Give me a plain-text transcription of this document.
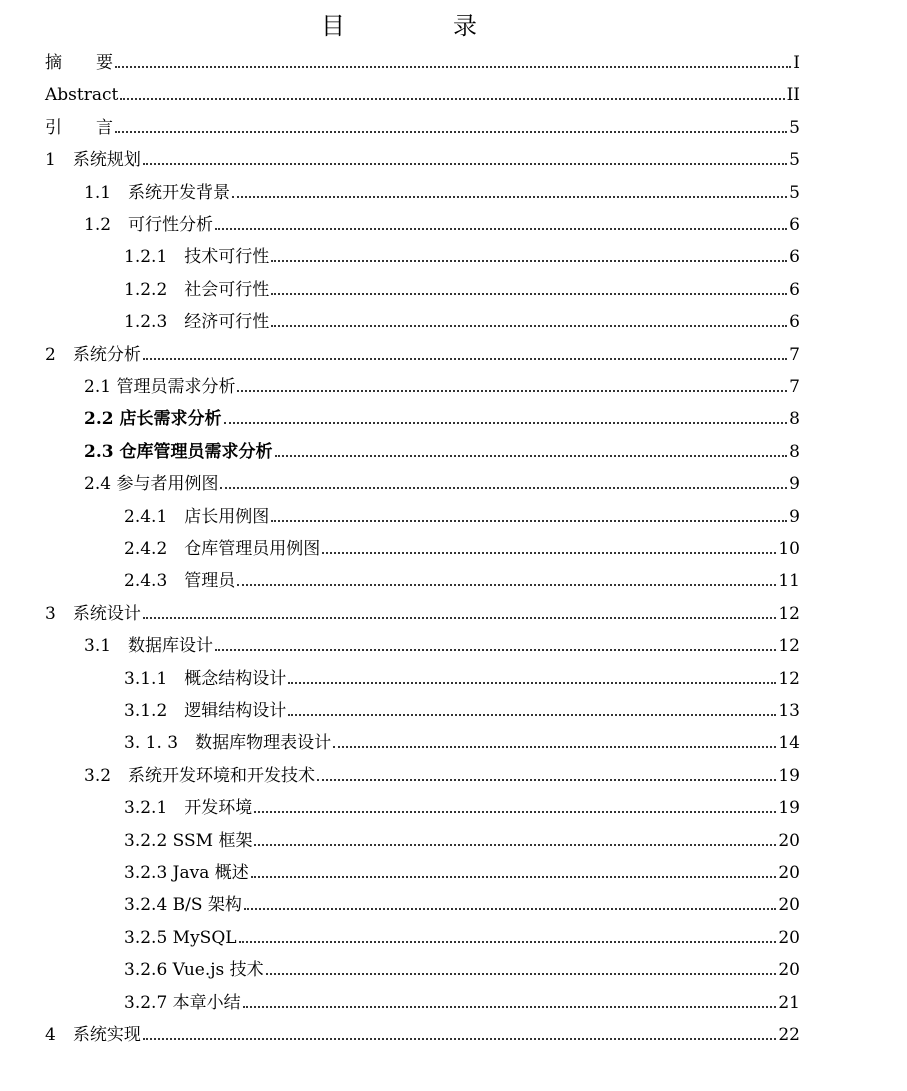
目　录
摘　　要	I
Abstract	II
引　　言	5
1　系统规划	5
1.1　系统开发背景	5
1.2　可行性分析	6
1.2.1　技术可行性	6
1.2.2　社会可行性	6
1.2.3　经济可行性	6
2　系统分析	7
2.1 管理员需求分析	7
2.2 店长需求分析	8
2.3 仓库管理员需求分析	8
2.4 参与者用例图	9
2.4.1　店长用例图	9
2.4.2　仓库管理员用例图	10
2.4.3　管理员	11
3　系统设计	12
3.1　数据库设计	12
3.1.1　概念结构设计	12
3.1.2　逻辑结构设计	13
3. 1. 3　数据库物理表设计	14
3.2　系统开发环境和开发技术	19
3.2.1　开发环境	19
3.2.2 SSM 框架	20
3.2.3 Java 概述	20
3.2.4 B/S 架构	20
3.2.5 MySQL	20
3.2.6 Vue.js 技术	20
3.2.7 本章小结	21
4　系统实现	22
